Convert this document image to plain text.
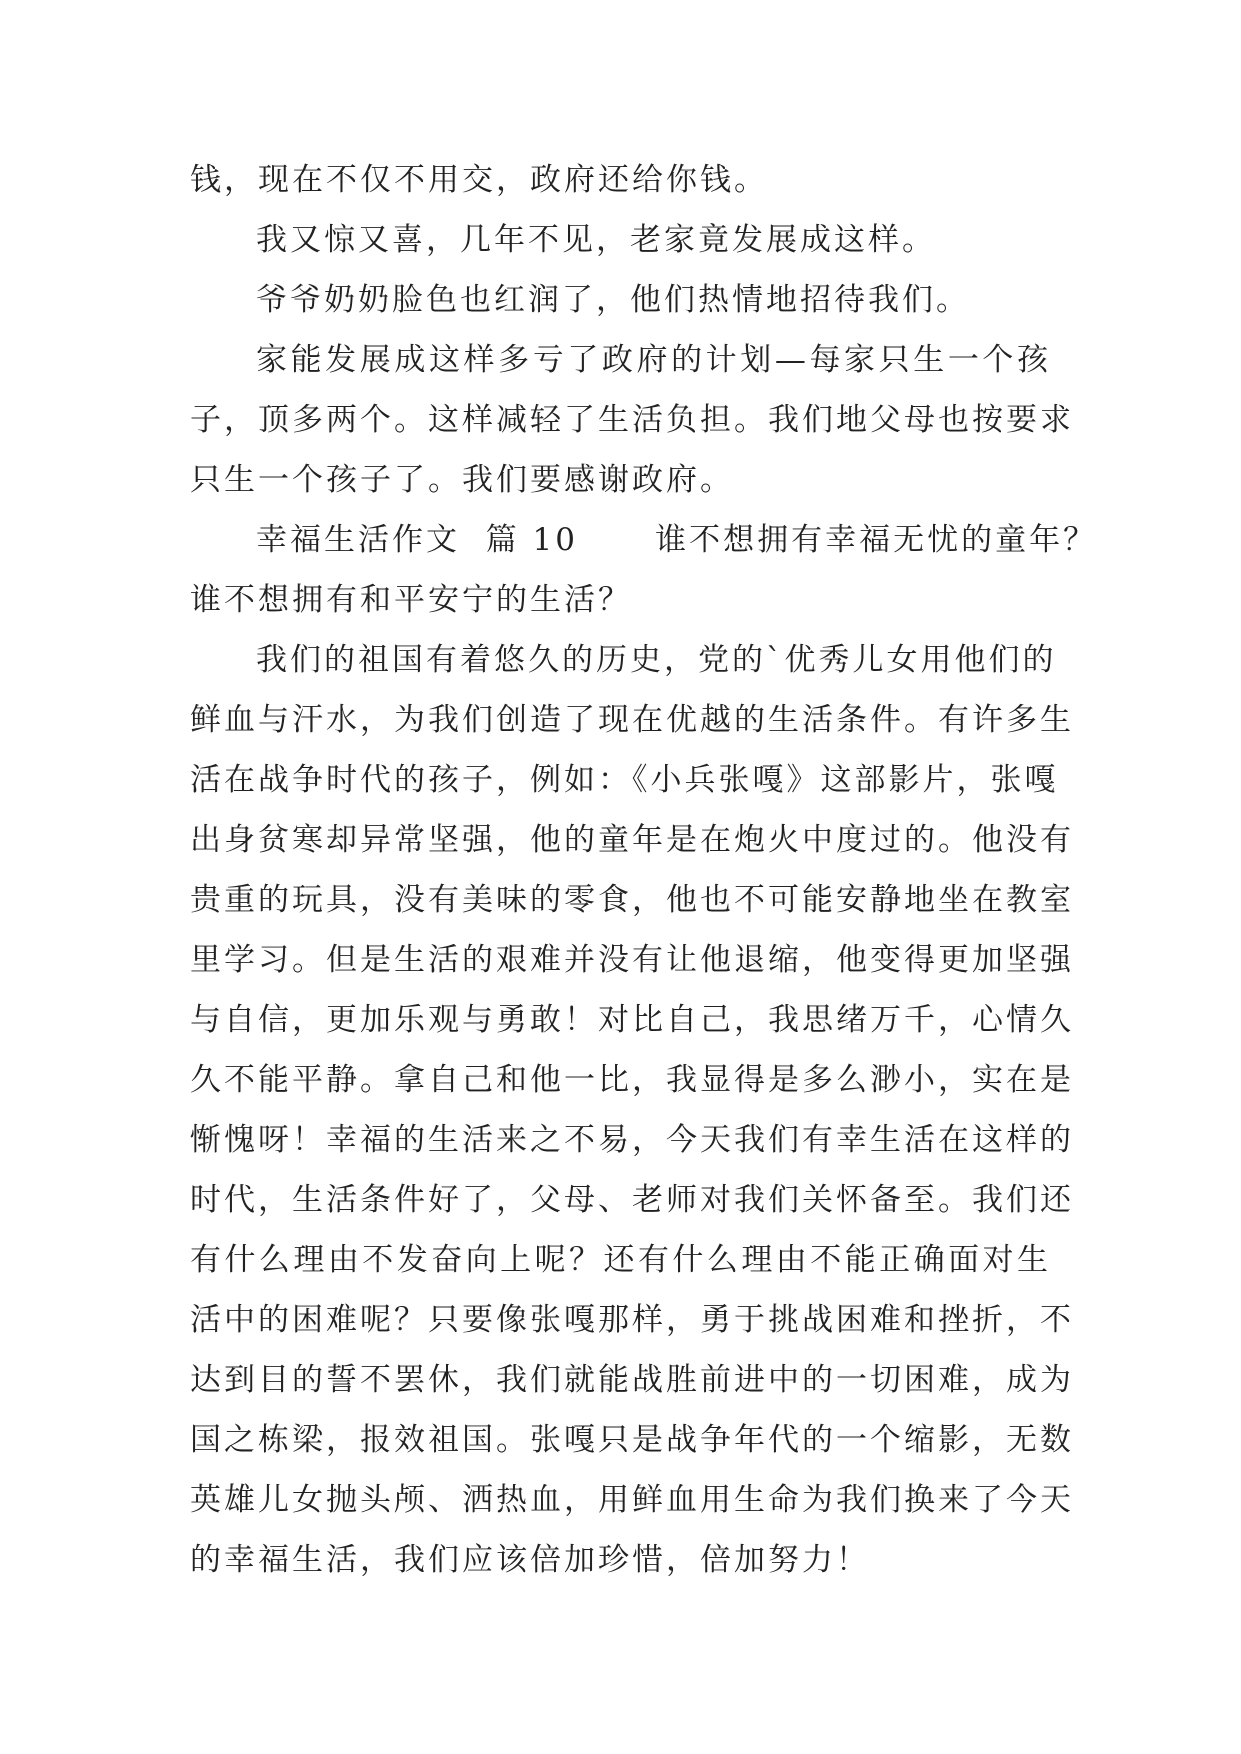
钱，现在不仅不用交，政府还给你钱。
我又惊又喜，几年不见，老家竟发展成这样。
爷爷奶奶脸色也红润了，他们热情地招待我们。
家能发展成这样多亏了政府的计划—每家只生一个孩
子，顶多两个。这样减轻了生活负担。我们地父母也按要求
只生一个孩子了。我们要感谢政府。
幸福生活作文  篇 10      谁不想拥有幸福无忧的童年？
谁不想拥有和平安宁的生活？
我们的祖国有着悠久的历史，党的`优秀儿女用他们的
鲜血与汗水，为我们创造了现在优越的生活条件。有许多生
活在战争时代的孩子，例如：《小兵张嘎》这部影片，张嘎
出身贫寒却异常坚强，他的童年是在炮火中度过的。他没有
贵重的玩具，没有美味的零食，他也不可能安静地坐在教室
里学习。但是生活的艰难并没有让他退缩，他变得更加坚强
与自信，更加乐观与勇敢！对比自己，我思绪万千，心情久
久不能平静。拿自己和他一比，我显得是多么渺小，实在是
惭愧呀！幸福的生活来之不易，今天我们有幸生活在这样的
时代，生活条件好了，父母、老师对我们关怀备至。我们还
有什么理由不发奋向上呢？还有什么理由不能正确面对生
活中的困难呢？只要像张嘎那样，勇于挑战困难和挫折，不
达到目的誓不罢休，我们就能战胜前进中的一切困难，成为
国之栋梁，报效祖国。张嘎只是战争年代的一个缩影，无数
英雄儿女抛头颅、洒热血，用鲜血用生命为我们换来了今天
的幸福生活，我们应该倍加珍惜，倍加努力！
